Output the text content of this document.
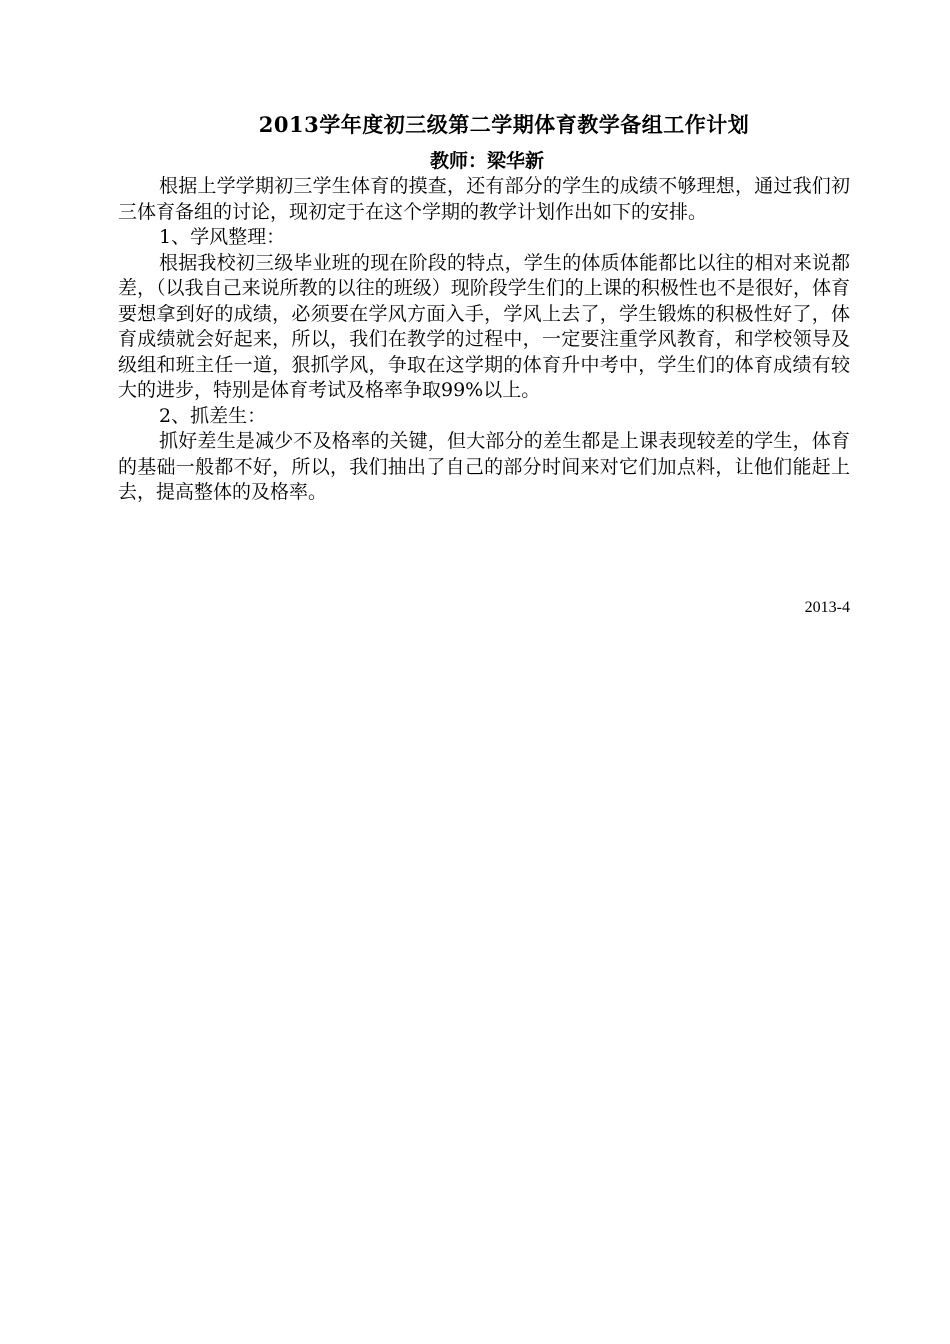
2013学年度初三级第二学期体育教学备组工作计划
教师：梁华新

根据上学学期初三学生体育的摸查，还有部分的学生的成绩不够理想，通过我们初三体育备组的讨论，现初定于在这个学期的教学计划作出如下的安排。

1、学风整理：

根据我校初三级毕业班的现在阶段的特点，学生的体质体能都比以往的相对来说都差，（以我自己来说所教的以往的班级）现阶段学生们的上课的积极性也不是很好，体育要想拿到好的成绩，必须要在学风方面入手，学风上去了，学生锻炼的积极性好了，体育成绩就会好起来，所以，我们在教学的过程中，一定要注重学风教育，和学校领导及级组和班主任一道，狠抓学风，争取在这学期的体育升中考中，学生们的体育成绩有较大的进步，特别是体育考试及格率争取99%以上。

2、抓差生：

抓好差生是减少不及格率的关键，但大部分的差生都是上课表现较差的学生，体育的基础一般都不好，所以，我们抽出了自己的部分时间来对它们加点料，让他们能赶上去，提高整体的及格率。

2013-4
